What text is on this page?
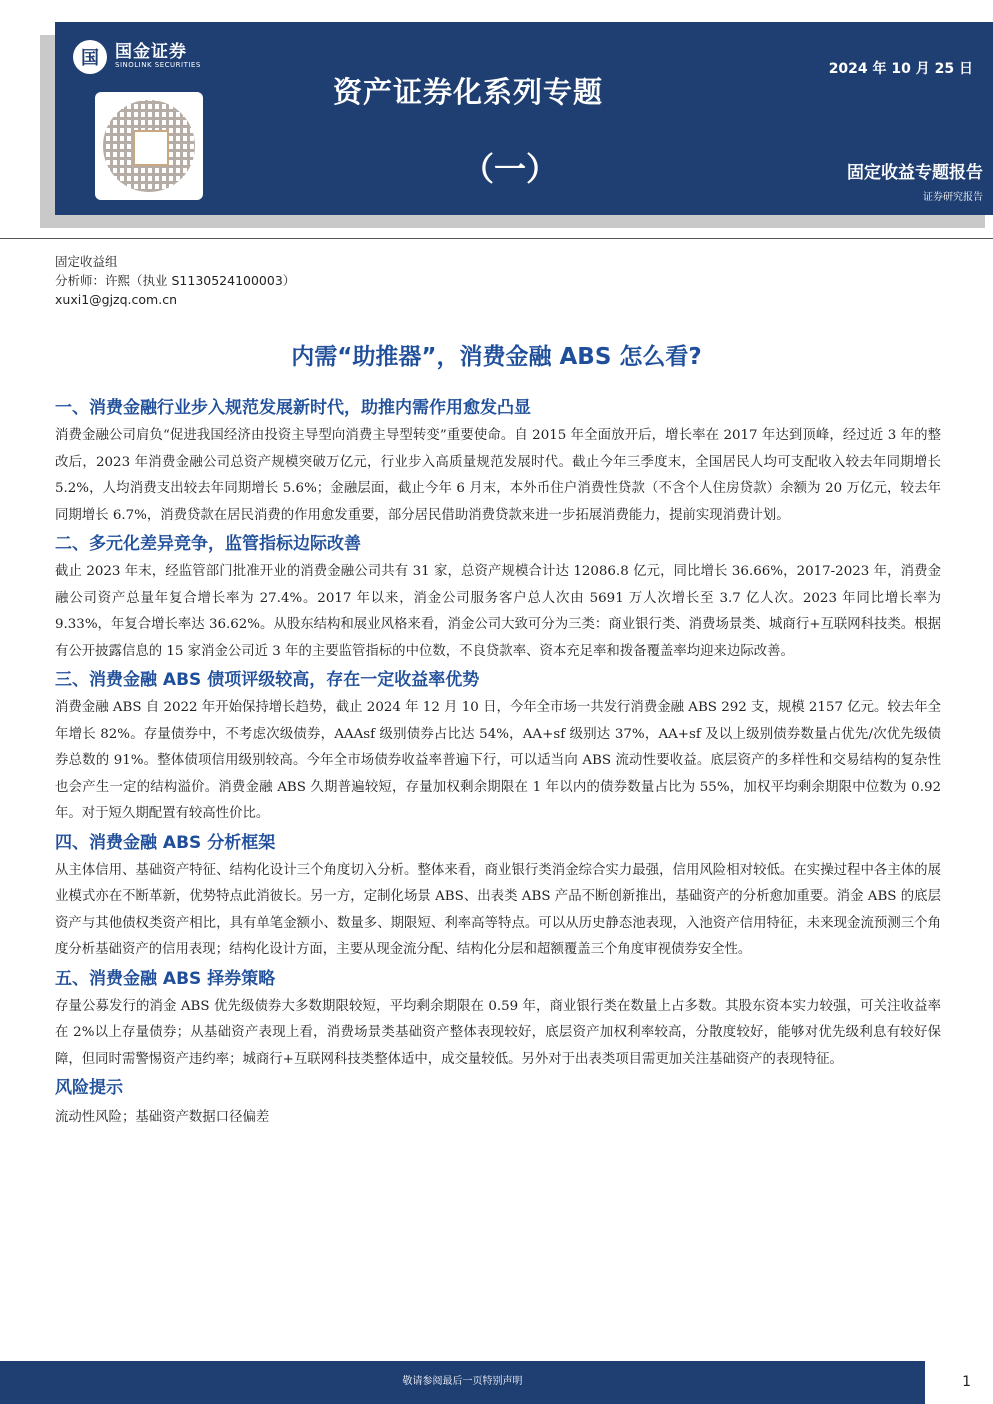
国 国金证券
SINOLINK SECURITIES
资产证券化系列专题
（一）
2024 年 10 月 25 日
固定收益专题报告
证券研究报告
固定收益组
分析师：许熙（执业 S1130524100003）
xuxi1@gjzq.com.cn
内需“助推器”，消费金融 ABS 怎么看?

一、消费金融行业步入规范发展新时代，助推内需作用愈发凸显

消费金融公司肩负“促进我国经济由投资主导型向消费主导型转变”重要使命。自 2015 年全面放开后，增长率在 2017 年达到顶峰，经过近 3 年的整改后，2023 年消费金融公司总资产规模突破万亿元，行业步入高质量规范发展时代。截止今年三季度末，全国居民人均可支配收入较去年同期增长 5.2%，人均消费支出较去年同期增长 5.6%；金融层面，截止今年 6 月末，本外币住户消费性贷款（不含个人住房贷款）余额为 20 万亿元，较去年同期增长 6.7%，消费贷款在居民消费的作用愈发重要，部分居民借助消费贷款来进一步拓展消费能力，提前实现消费计划。

二、多元化差异竞争，监管指标边际改善

截止 2023 年末，经监管部门批准开业的消费金融公司共有 31 家，总资产规模合计达 12086.8 亿元，同比增长 36.66%，2017-2023 年，消费金融公司资产总量年复合增长率为 27.4%。2017 年以来，消金公司服务客户总人次由 5691 万人次增长至 3.7 亿人次。2023 年同比增长率为 9.33%，年复合增长率达 36.62%。从股东结构和展业风格来看，消金公司大致可分为三类：商业银行类、消费场景类、城商行+互联网科技类。根据有公开披露信息的 15 家消金公司近 3 年的主要监管指标的中位数，不良贷款率、资本充足率和拨备覆盖率均迎来边际改善。

三、消费金融 ABS 债项评级较高，存在一定收益率优势

消费金融 ABS 自 2022 年开始保持增长趋势，截止 2024 年 12 月 10 日，今年全市场一共发行消费金融 ABS 292 支，规模 2157 亿元。较去年全年增长 82%。存量债券中，不考虑次级债券，AAAsf 级别债券占比达 54%，AA+sf 级别达 37%，AA+sf 及以上级别债券数量占优先/次优先级债券总数的 91%。整体债项信用级别较高。今年全市场债券收益率普遍下行，可以适当向 ABS 流动性要收益。底层资产的多样性和交易结构的复杂性也会产生一定的结构溢价。消费金融 ABS 久期普遍较短，存量加权剩余期限在 1 年以内的债券数量占比为 55%，加权平均剩余期限中位数为 0.92 年。对于短久期配置有较高性价比。

四、消费金融 ABS 分析框架

从主体信用、基础资产特征、结构化设计三个角度切入分析。整体来看，商业银行类消金综合实力最强，信用风险相对较低。在实操过程中各主体的展业模式亦在不断革新，优势特点此消彼长。另一方，定制化场景 ABS、出表类 ABS 产品不断创新推出，基础资产的分析愈加重要。消金 ABS 的底层资产与其他债权类资产相比，具有单笔金额小、数量多、期限短、利率高等特点。可以从历史静态池表现，入池资产信用特征，未来现金流预测三个角度分析基础资产的信用表现；结构化设计方面，主要从现金流分配、结构化分层和超额覆盖三个角度审视债券安全性。

五、消费金融 ABS 择券策略

存量公募发行的消金 ABS 优先级债券大多数期限较短，平均剩余期限在 0.59 年，商业银行类在数量上占多数。其股东资本实力较强，可关注收益率在 2%以上存量债券；从基础资产表现上看，消费场景类基础资产整体表现较好，底层资产加权利率较高，分散度较好，能够对优先级利息有较好保障，但同时需警惕资产违约率；城商行+互联网科技类整体适中，成交量较低。另外对于出表类项目需更加关注基础资产的表现特征。

风险提示

流动性风险；基础资产数据口径偏差

敬请参阅最后一页特别声明	1
